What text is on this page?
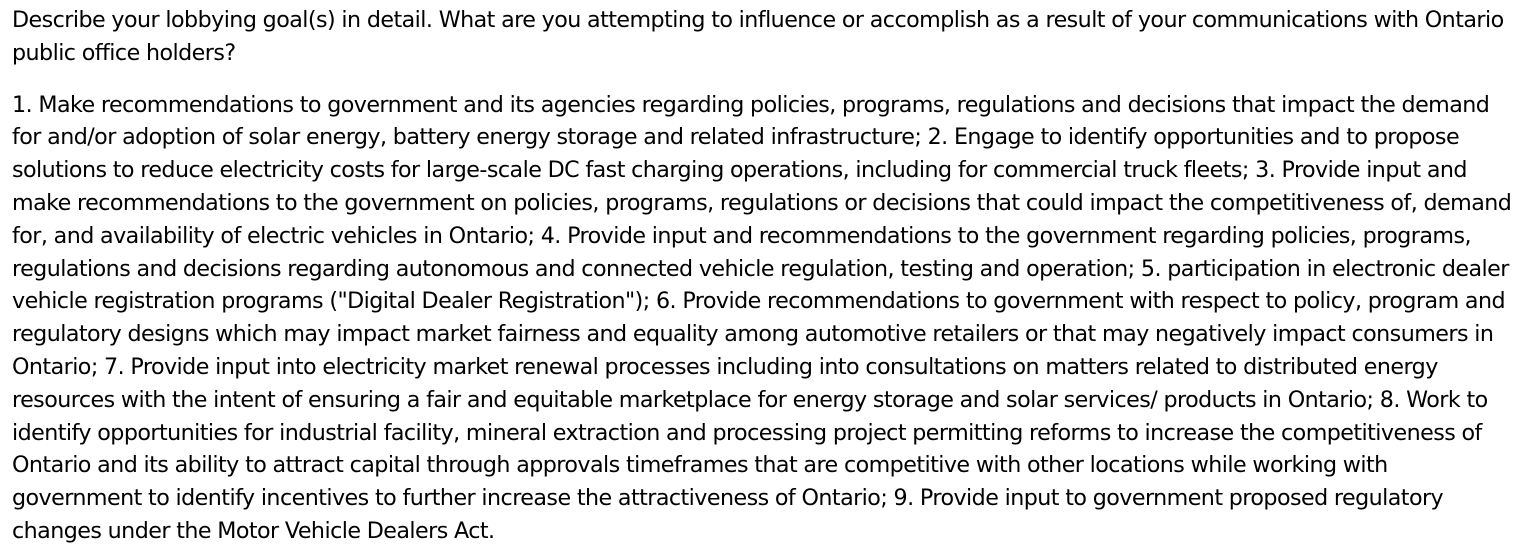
Describe your lobbying goal(s) in detail. What are you attempting to influence or accomplish as a result of your communications with Ontario public office holders?

1. Make recommendations to government and its agencies regarding policies, programs, regulations and decisions that impact the demand for and/or adoption of solar energy, battery energy storage and related infrastructure; 2. Engage to identify opportunities and to propose solutions to reduce electricity costs for large-scale DC fast charging operations, including for commercial truck fleets; 3. Provide input and make recommendations to the government on policies, programs, regulations or decisions that could impact the competitiveness of, demand for, and availability of electric vehicles in Ontario; 4. Provide input and recommendations to the government regarding policies, programs, regulations and decisions regarding autonomous and connected vehicle regulation, testing and operation; 5. participation in electronic dealer vehicle registration programs ("Digital Dealer Registration"); 6. Provide recommendations to government with respect to policy, program and regulatory designs which may impact market fairness and equality among automotive retailers or that may negatively impact consumers in Ontario; 7. Provide input into electricity market renewal processes including into consultations on matters related to distributed energy resources with the intent of ensuring a fair and equitable marketplace for energy storage and solar services/ products in Ontario; 8. Work to identify opportunities for industrial facility, mineral extraction and processing project permitting reforms to increase the competitiveness of Ontario and its ability to attract capital through approvals timeframes that are competitive with other locations while working with government to identify incentives to further increase the attractiveness of Ontario; 9. Provide input to government proposed regulatory changes under the Motor Vehicle Dealers Act.
